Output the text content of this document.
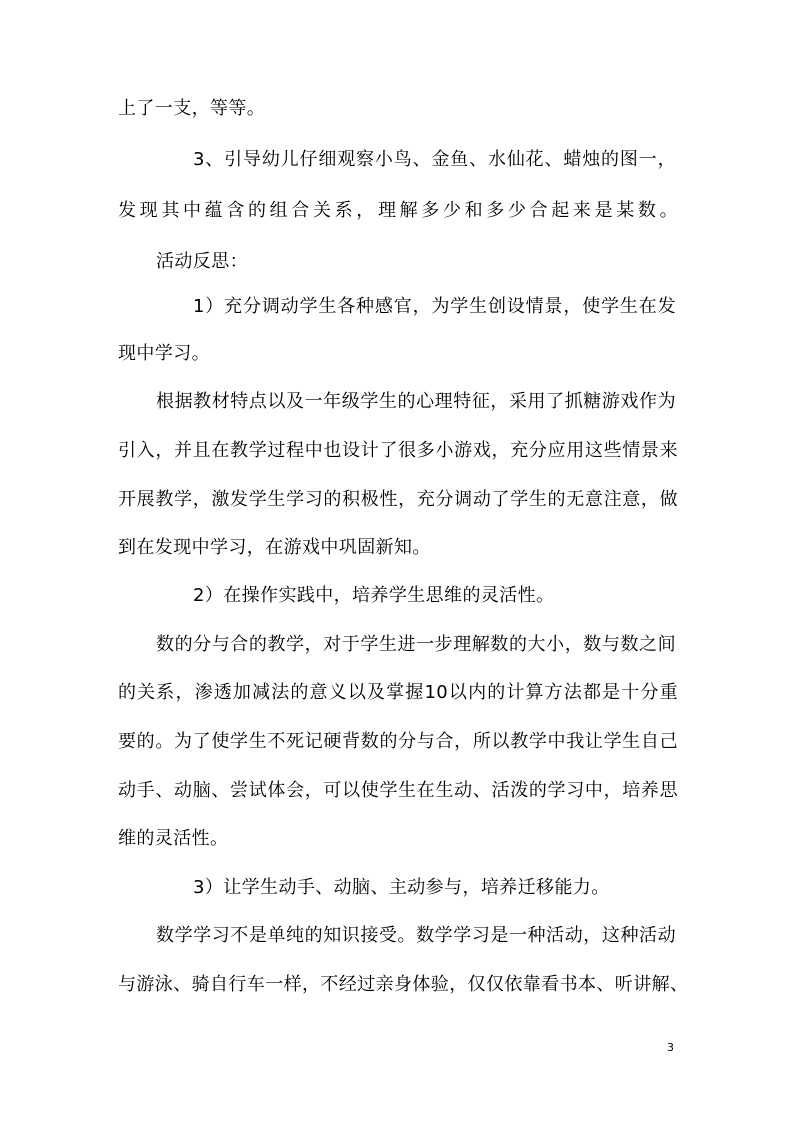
上了一支，等等。
3、引导幼儿仔细观察小鸟、金鱼、水仙花、蜡烛的图一，
发现其中蕴含的组合关系，理解多少和多少合起来是某数。
活动反思：
1）充分调动学生各种感官，为学生创设情景，使学生在发
现中学习。
根据教材特点以及一年级学生的心理特征，采用了抓糖游戏作为
引入，并且在教学过程中也设计了很多小游戏，充分应用这些情景来
开展教学，激发学生学习的积极性，充分调动了学生的无意注意，做
到在发现中学习，在游戏中巩固新知。
2）在操作实践中，培养学生思维的灵活性。
数的分与合的教学，对于学生进一步理解数的大小，数与数之间
的关系，渗透加减法的意义以及掌握10以内的计算方法都是十分重
要的。为了使学生不死记硬背数的分与合，所以教学中我让学生自己
动手、动脑、尝试体会，可以使学生在生动、活泼的学习中，培养思
维的灵活性。
3）让学生动手、动脑、主动参与，培养迁移能力。
数学学习不是单纯的知识接受。数学学习是一种活动，这种活动
与游泳、骑自行车一样，不经过亲身体验，仅仅依靠看书本、听讲解、
3
